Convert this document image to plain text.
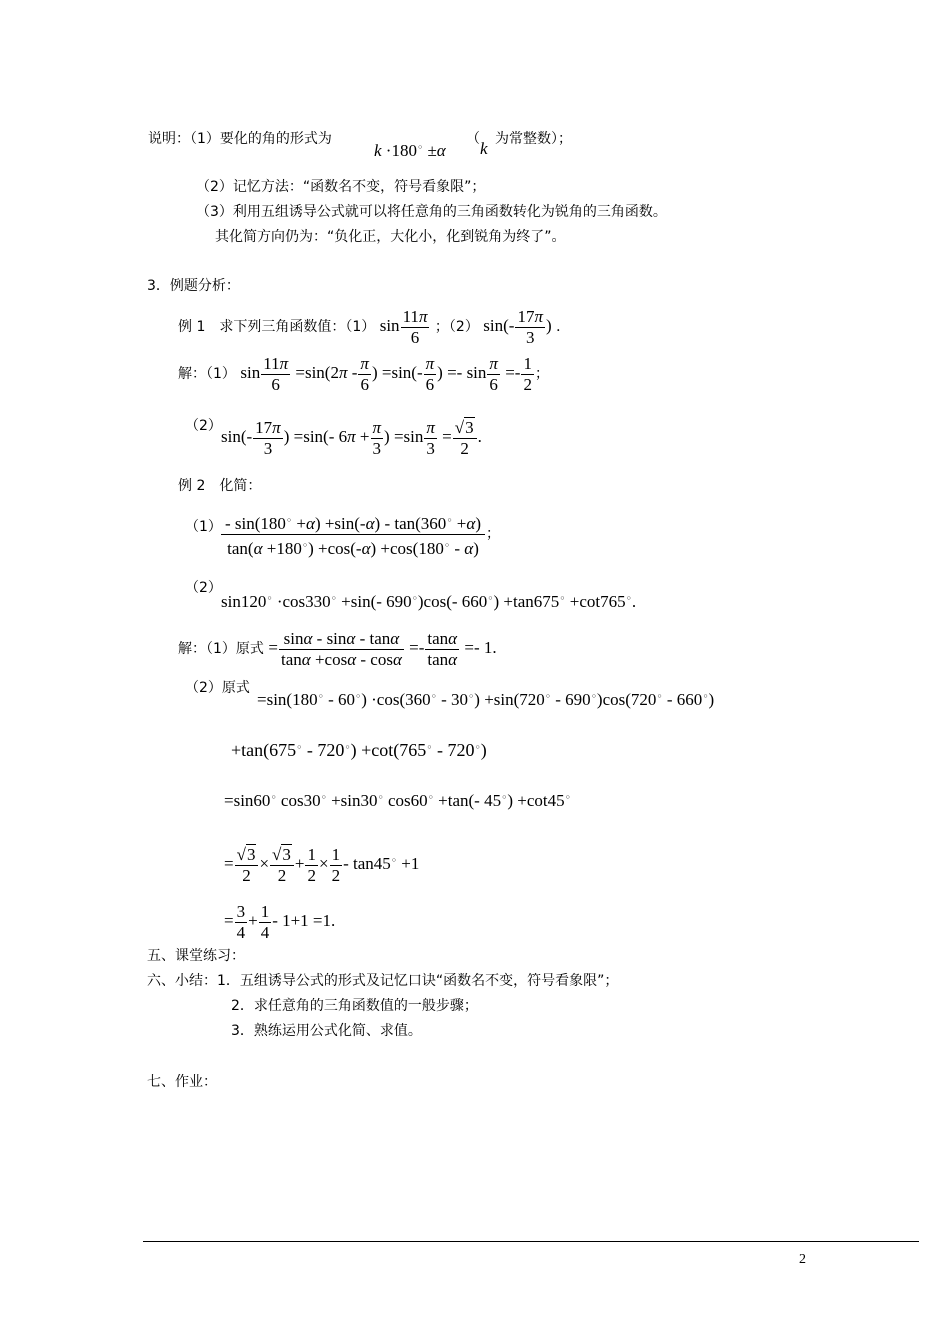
说明：（1）要化的角的形式为
k ·180○ ±α
（ k 为常整数）；
（2）记忆方法：“函数名不变，符号看象限”；
（3）利用五组诱导公式就可以将任意角的三角函数转化为锐角的三角函数。
其化简方向仍为：“负化正，大化小，化到锐角为终了”。
3．例题分析：
例 1　求下列三角函数值：（1） $\sin \frac{11\pi}{6}$ ；（2） $\sin(- \frac{17\pi}{3}$ ) ．
解：（1） $\sin \frac{11\pi}{6} =\sin(2\pi - \frac{\pi}{6}$ ) $=\sin(- \frac{\pi}{6}$ ) =- $\sin \frac{\pi}{6} =- \frac{1}{2}$ ；
（2）
$\sin(- \frac{17\pi}{3}$ ) =sin(- $6\pi + \frac{\pi}{3}$ ) $=\sin \frac{\pi}{3} = \frac{√3}{2}$ .
例 2　化简：
$(1) \frac{- \sin(180^○ +\alpha) +\sin(-\alpha) - \tan(360^○ +\alpha)}{\tan(\alpha +180^○) +\cos(-\alpha) +\cos(180^○ - \alpha)}$ ；
（2）
sin120○ ·cos330○ +sin(- 690○)cos(- 660○) +tan675○ +cot765○.
解：（1）原式 = $\frac{\sin\alpha - \sin\alpha - \tan\alpha}{\tan\alpha +\cos\alpha - \cos\alpha} =- \frac{\tan\alpha}{\tan\alpha} =- 1$.
（2）原式
=sin(180○ - 60○) ·cos(360○ - 30○) +sin(720○ - 690○)cos(720○ - 660○)
+tan(675○ - 720○) +cot(765○ - 720○)
=sin60○ cos30○ +sin30○ cos60○ +tan(- 45○) +cot45○
= $\frac{√3}{2} \times \frac{√3}{2} + \frac{1}{2} \times \frac{1}{2} - \tan 45^○ +1$
= $\frac{3}{4} + \frac{1}{4} - 1+1 =1$.
五、课堂练习：
六、小结：1．五组诱导公式的形式及记忆口诀“函数名不变，符号看象限”；
2．求任意角的三角函数值的一般步骤；
3．熟练运用公式化简、求值。
七、作业：
2
